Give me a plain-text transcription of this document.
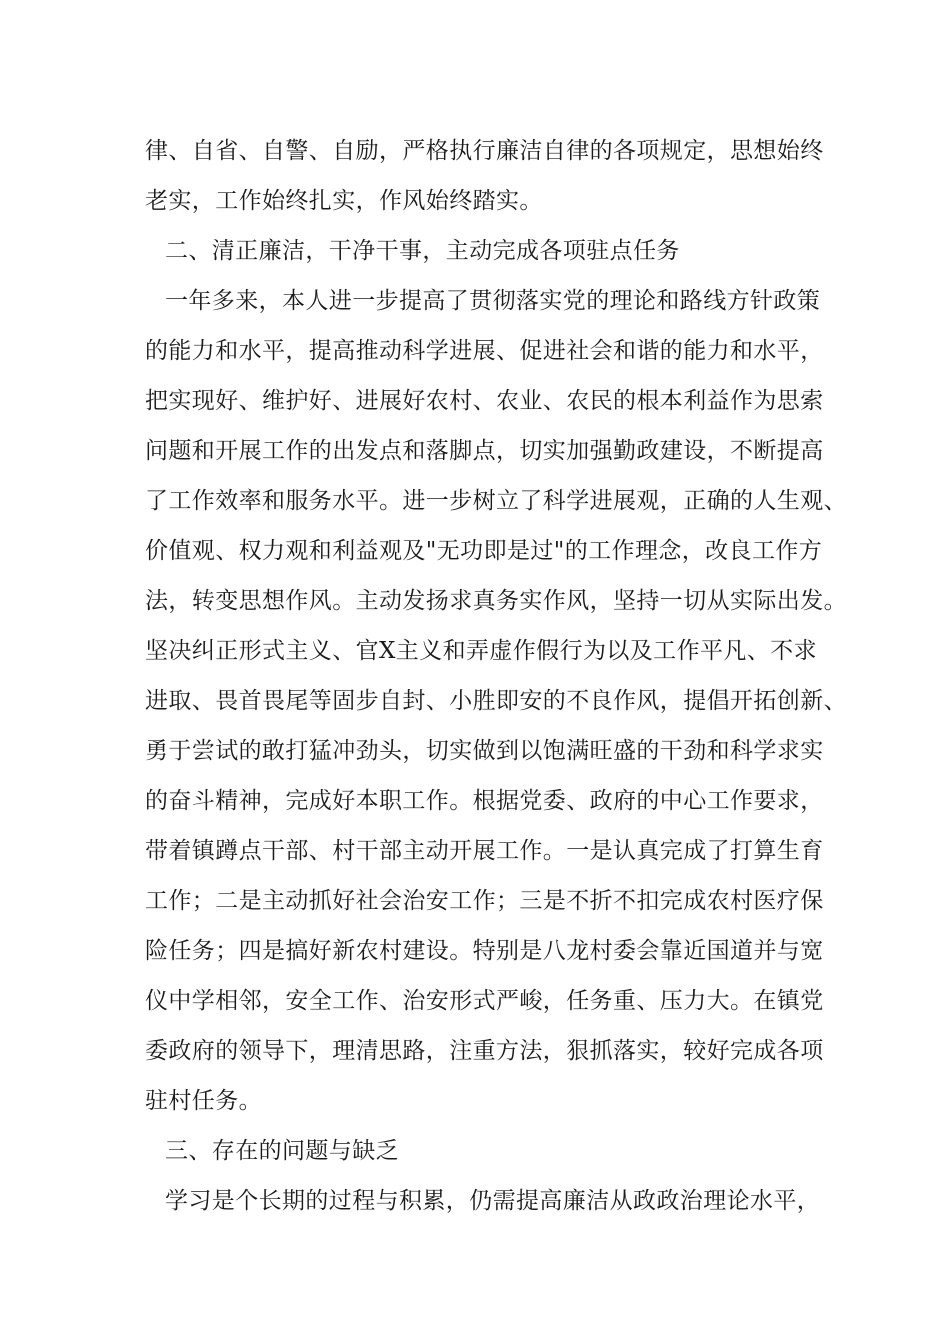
律、自省、自警、自励，严格执行廉洁自律的各项规定，思想始终
老实，工作始终扎实，作风始终踏实。
二、清正廉洁，干净干事，主动完成各项驻点任务
一年多来，本人进一步提高了贯彻落实党的理论和路线方针政策
的能力和水平，提高推动科学进展、促进社会和谐的能力和水平，
把实现好、维护好、进展好农村、农业、农民的根本利益作为思索
问题和开展工作的出发点和落脚点，切实加强勤政建设，不断提高
了工作效率和服务水平。进一步树立了科学进展观，正确的人生观、
价值观、权力观和利益观及"无功即是过"的工作理念，改良工作方
法，转变思想作风。主动发扬求真务实作风，坚持一切从实际出发。
坚决纠正形式主义、官Ⅹ主义和弄虚作假行为以及工作平凡、不求
进取、畏首畏尾等固步自封、小胜即安的不良作风，提倡开拓创新、
勇于尝试的敢打猛冲劲头，切实做到以饱满旺盛的干劲和科学求实
的奋斗精神，完成好本职工作。根据党委、政府的中心工作要求，
带着镇蹲点干部、村干部主动开展工作。一是认真完成了打算生育
工作；二是主动抓好社会治安工作；三是不折不扣完成农村医疗保
险任务；四是搞好新农村建设。特别是八龙村委会靠近国道并与宽
仪中学相邻，安全工作、治安形式严峻，任务重、压力大。在镇党
委政府的领导下，理清思路，注重方法，狠抓落实，较好完成各项
驻村任务。
三、存在的问题与缺乏
学习是个长期的过程与积累，仍需提高廉洁从政政治理论水平，
